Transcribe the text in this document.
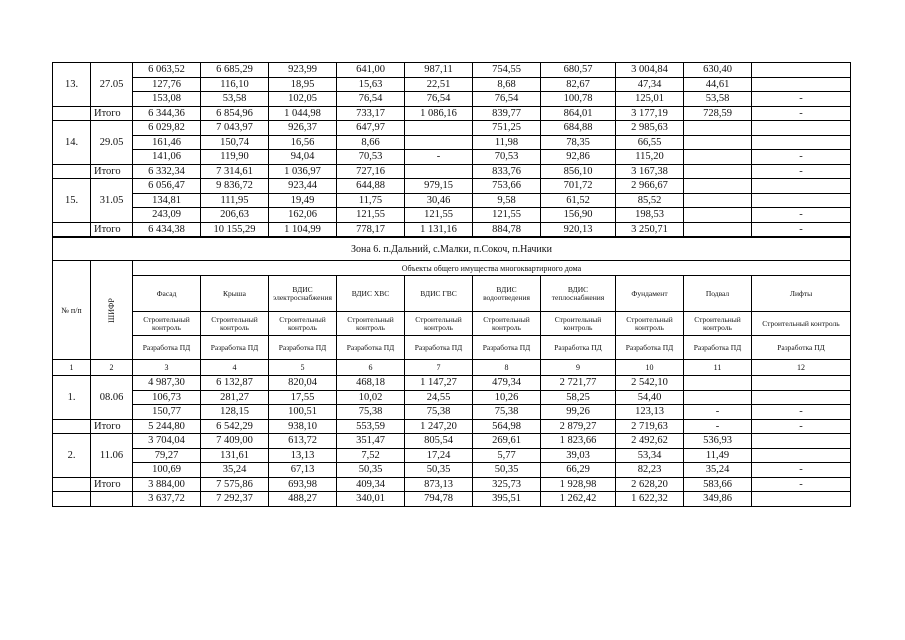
13.	27.05	6 063,52	6 685,29	923,99	641,00	987,11	754,55	680,57	3 004,84	630,40	
		127,76	116,10	18,95	15,63	22,51	8,68	82,67	47,34	44,61	
		153,08	53,58	102,05	76,54	76,54	76,54	100,78	125,01	53,58	-
	Итого	6 344,36	6 854,96	1 044,98	733,17	1 086,16	839,77	864,01	3 177,19	728,59	-
14.	29.05	6 029,82	7 043,97	926,37	647,97		751,25	684,88	2 985,63		
		161,46	150,74	16,56	8,66		11,98	78,35	66,55		
		141,06	119,90	94,04	70,53	-	70,53	92,86	115,20		-
	Итого	6 332,34	7 314,61	1 036,97	727,16		833,76	856,10	3 167,38		-
15.	31.05	6 056,47	9 836,72	923,44	644,88	979,15	753,66	701,72	2 966,67		
		134,81	111,95	19,49	11,75	30,46	9,58	61,52	85,52		
		243,09	206,63	162,06	121,55	121,55	121,55	156,90	198,53		-
	Итого	6 434,38	10 155,29	1 104,99	778,17	1 131,16	884,78	920,13	3 250,71		-
Зона 6. п.Дальний, с.Малки, п.Сокоч, п.Начики											
№ п/п	ШИФР	Объекты общего имущества многоквартирного дома									
		Фасад	Крыша	ВДИС электроснабжения	ВДИС ХВС	ВДИС ГВС	ВДИС водоотведения	ВДИС теплоснабжения	Фундамент	Подвал	Лифты
		Строительный контроль	Строительный контроль	Строительный контроль	Строительный контроль	Строительный контроль	Строительный контроль	Строительный контроль	Строительный контроль	Строительный контроль	Строительный контроль
		Разработка ПД	Разработка ПД	Разработка ПД	Разработка ПД	Разработка ПД	Разработка ПД	Разработка ПД	Разработка ПД	Разработка ПД	Разработка ПД
1	2	3	4	5	6	7	8	9	10	11	12
1.	08.06	4 987,30	6 132,87	820,04	468,18	1 147,27	479,34	2 721,77	2 542,10		
		106,73	281,27	17,55	10,02	24,55	10,26	58,25	54,40		
		150,77	128,15	100,51	75,38	75,38	75,38	99,26	123,13	-	-
	Итого	5 244,80	6 542,29	938,10	553,59	1 247,20	564,98	2 879,27	2 719,63	-	-
2.	11.06	3 704,04	7 409,00	613,72	351,47	805,54	269,61	1 823,66	2 492,62	536,93	
		79,27	131,61	13,13	7,52	17,24	5,77	39,03	53,34	11,49	
		100,69	35,24	67,13	50,35	50,35	50,35	66,29	82,23	35,24	-
	Итого	3 884,00	7 575,86	693,98	409,34	873,13	325,73	1 928,98	2 628,20	583,66	-
		3 637,72	7 292,37	488,27	340,01	794,78	395,51	1 262,42	1 622,32	349,86	
